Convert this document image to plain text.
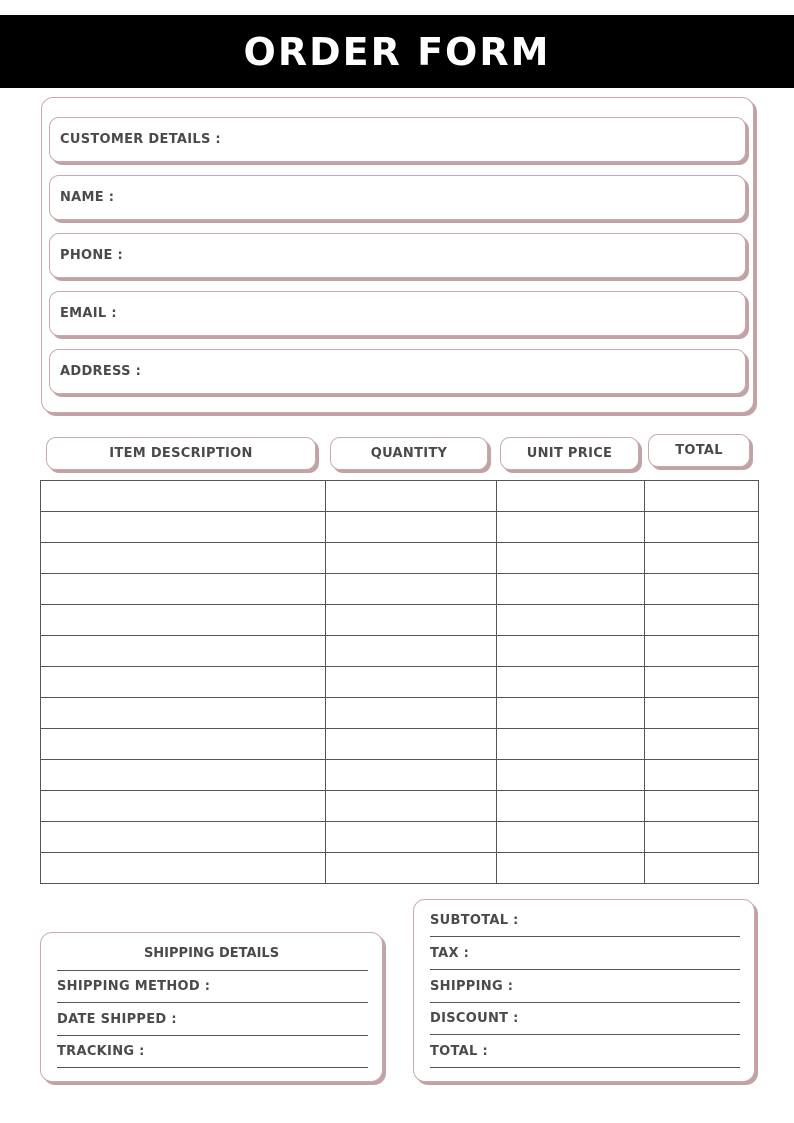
ORDER FORM
CUSTOMER DETAILS :
NAME :
PHONE :
EMAIL :
ADDRESS :
ITEM DESCRIPTION	QUANTITY	UNIT PRICE	TOTAL

SHIPPING DETAILS
SHIPPING METHOD :
DATE SHIPPED :
TRACKING :
SUBTOTAL :
TAX :
SHIPPING :
DISCOUNT :
TOTAL :
